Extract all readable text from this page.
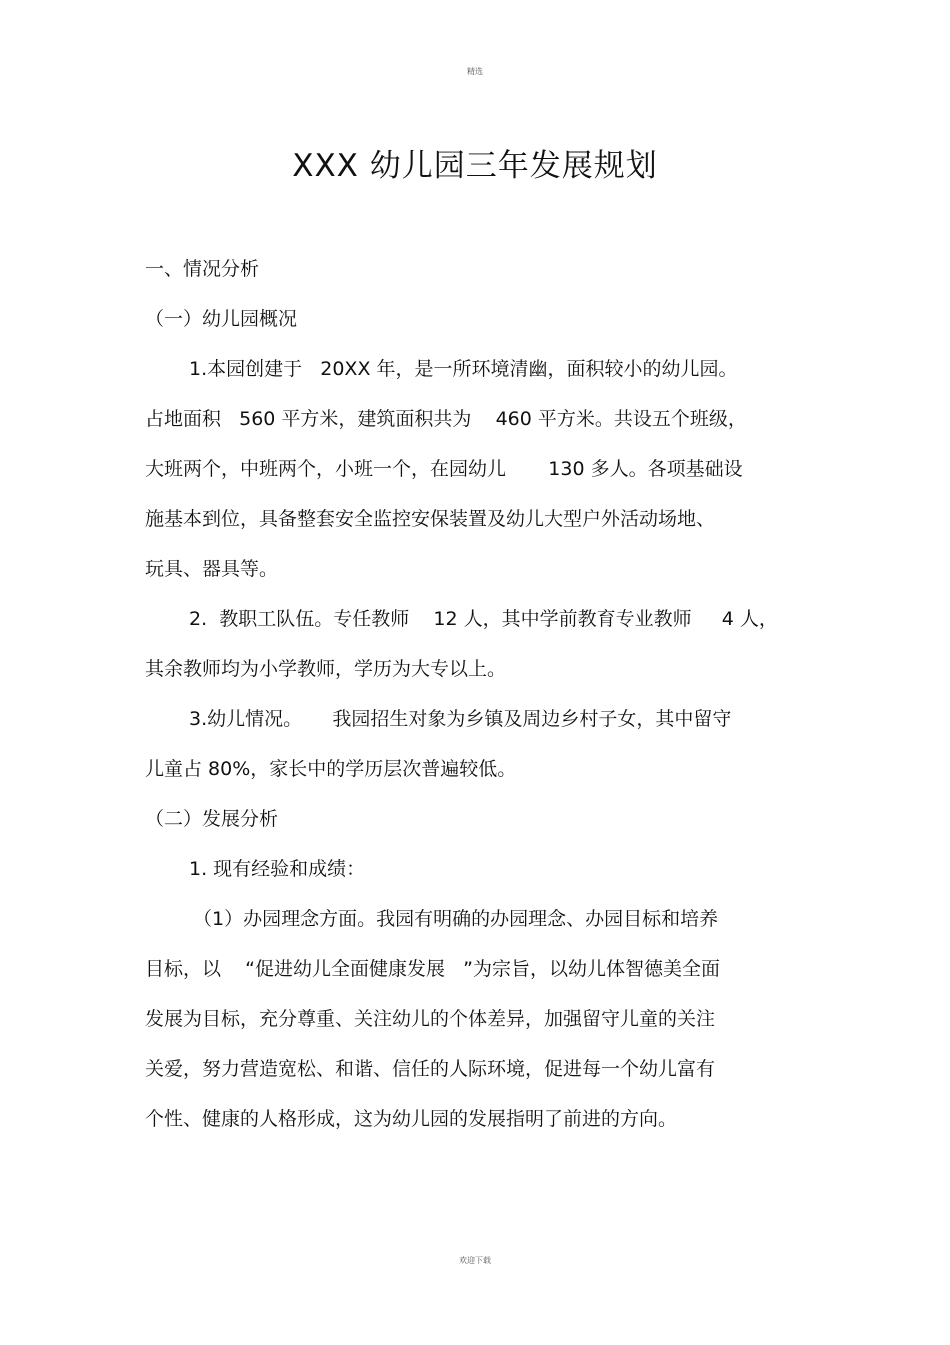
精选
XXX 幼儿园三年发展规划
一、情况分析
（一）幼儿园概况
1.本园创建于   20XX 年，是一所环境清幽，面积较小的幼儿园。
占地面积   560 平方米，建筑面积共为    460 平方米。共设五个班级，
大班两个，中班两个，小班一个，在园幼儿       130 多人。各项基础设
施基本到位，具备整套安全监控安保装置及幼儿大型户外活动场地、
玩具、器具等。
2.  教职工队伍。专任教师    12 人，其中学前教育专业教师     4 人，
其余教师均为小学教师，学历为大专以上。
3.幼儿情况。     我园招生对象为乡镇及周边乡村子女，其中留守
儿童占 80%，家长中的学历层次普遍较低。
（二）发展分析
1. 现有经验和成绩：
（1）办园理念方面。我园有明确的办园理念、办园目标和培养
目标，以    “促进幼儿全面健康发展   ”为宗旨，以幼儿体智德美全面
发展为目标，充分尊重、关注幼儿的个体差异，加强留守儿童的关注
关爱，努力营造宽松、和谐、信任的人际环境，促进每一个幼儿富有
个性、健康的人格形成，这为幼儿园的发展指明了前进的方向。
欢迎下载
